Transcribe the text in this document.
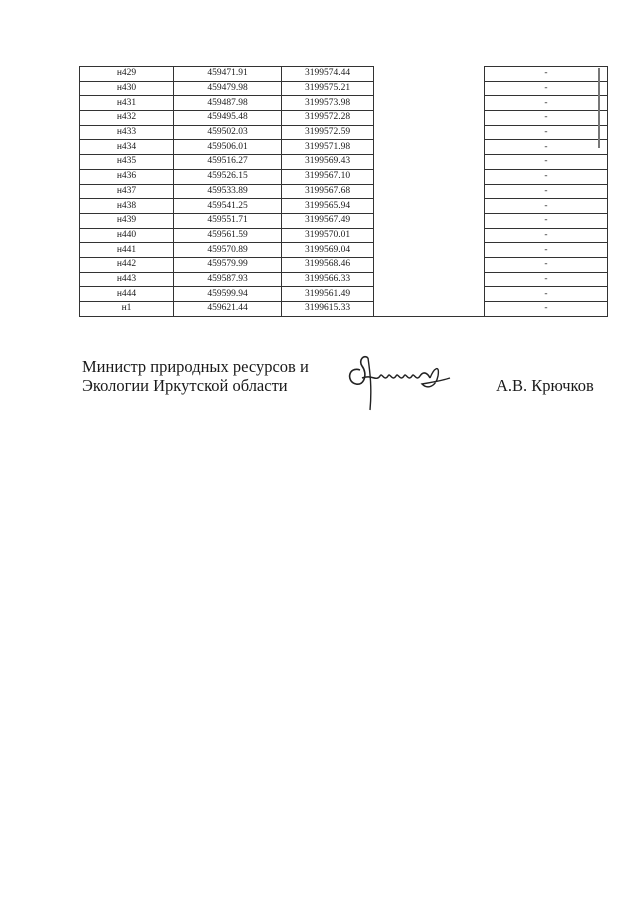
н429	459471.91	3199574.44		-
н430	459479.98	3199575.21		-
н431	459487.98	3199573.98		-
н432	459495.48	3199572.28		-
н433	459502.03	3199572.59		-
н434	459506.01	3199571.98		-
н435	459516.27	3199569.43		-
н436	459526.15	3199567.10		-
н437	459533.89	3199567.68		-
н438	459541.25	3199565.94		-
н439	459551.71	3199567.49		-
н440	459561.59	3199570.01		-
н441	459570.89	3199569.04		-
н442	459579.99	3199568.46		-
н443	459587.93	3199566.33		-
н444	459599.94	3199561.49		-
н1	459621.44	3199615.33		-
Министр природных ресурсов и
Экологии Иркутской области	А.В. Крючков
